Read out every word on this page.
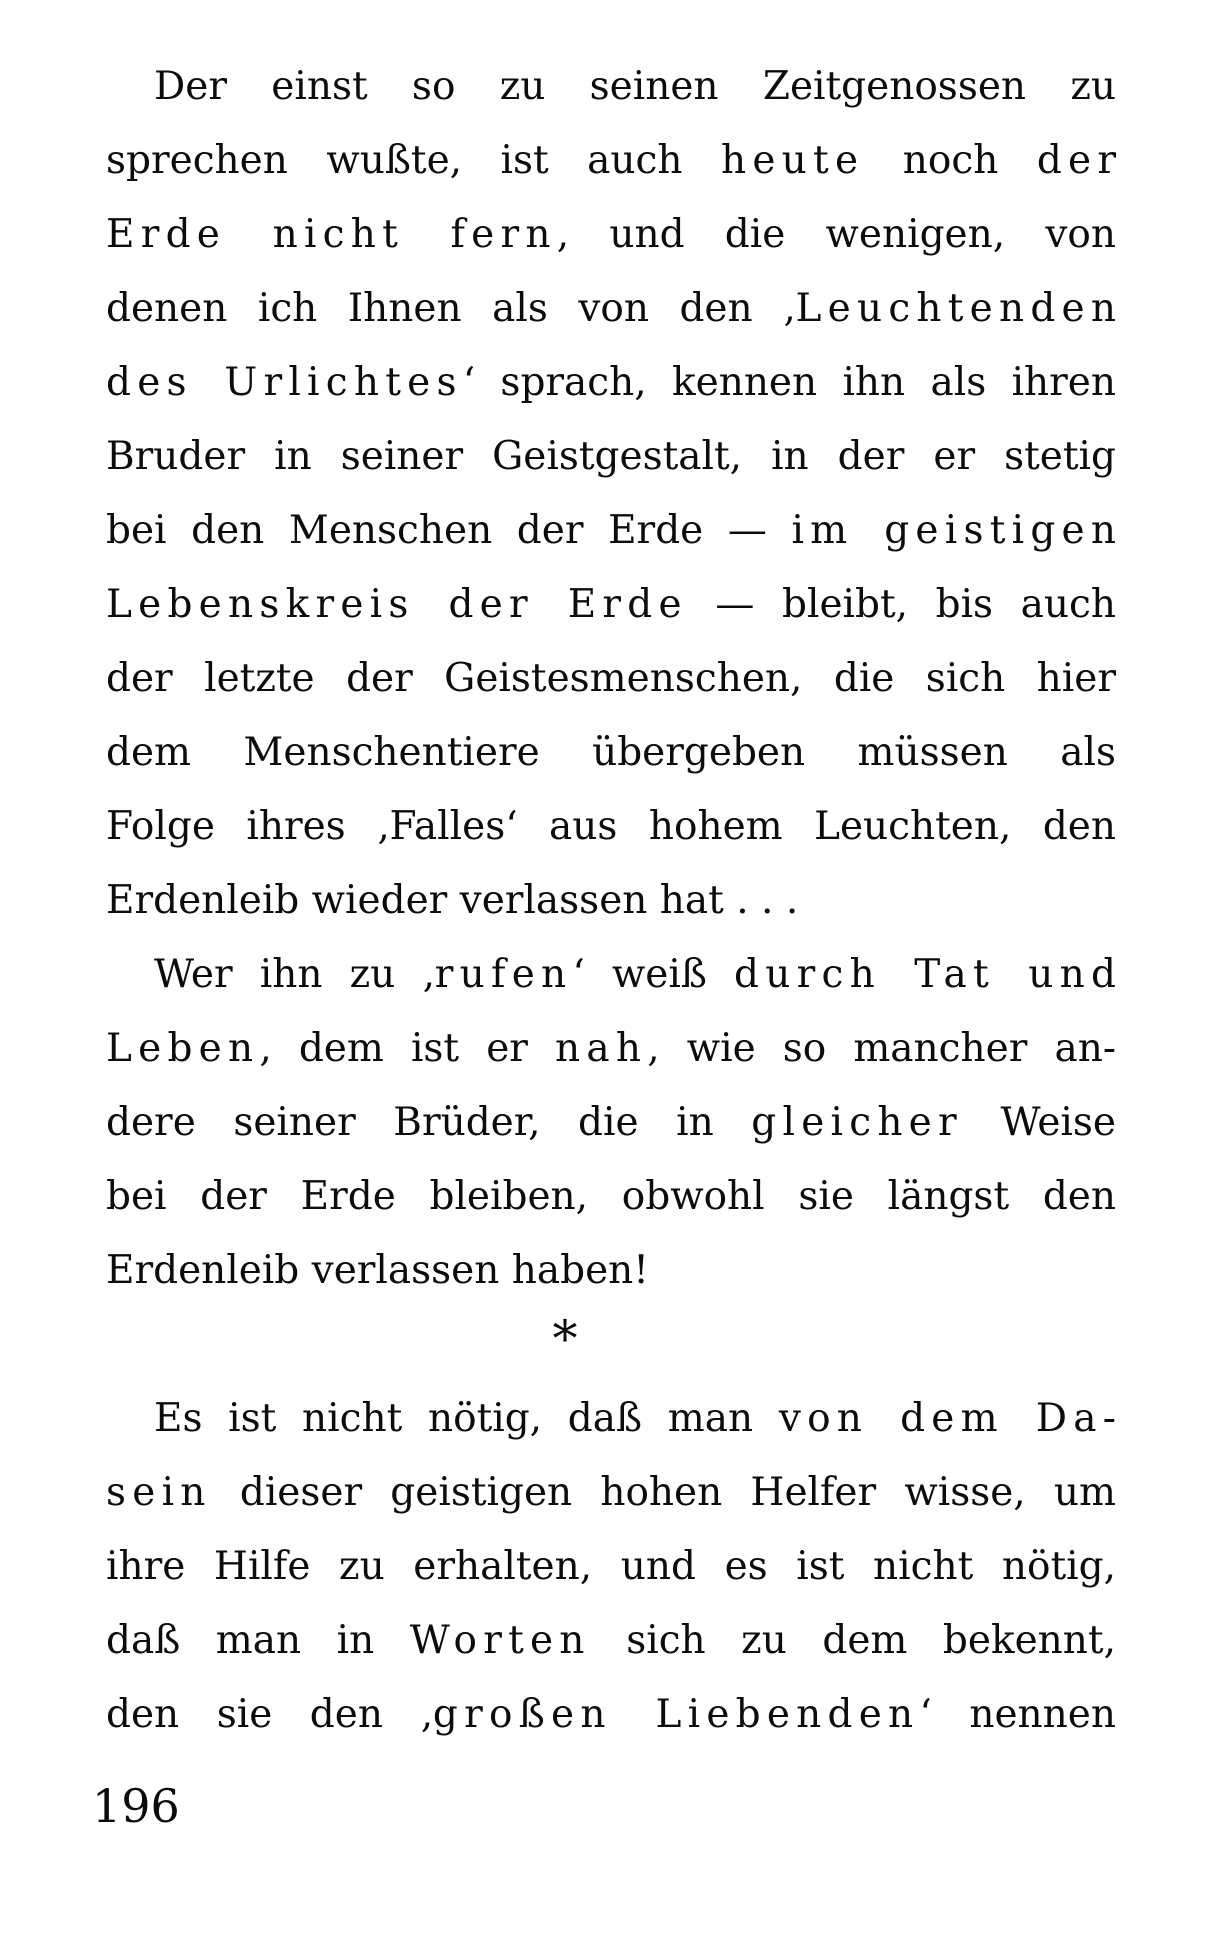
Der einst so zu seinen Zeitgenossen zu
sprechen wußte, ist auch heute noch der
Erde nicht fern, und die wenigen, von
denen ich Ihnen als von den ‚Leuchtenden
des Urlichtes‘ sprach, kennen ihn als ihren
Bruder in seiner Geistgestalt, in der er stetig
bei den Menschen der Erde — im geistigen
Lebenskreis der Erde — bleibt, bis auch
der letzte der Geistesmenschen, die sich hier
dem Menschentiere übergeben müssen als
Folge ihres ‚Falles‘ aus hohem Leuchten, den
Erdenleib wieder verlassen hat . . .
Wer ihn zu ‚rufen‘ weiß durch Tat und
Leben, dem ist er nah, wie so mancher an-
dere seiner Brüder, die in gleicher Weise
bei der Erde bleiben, obwohl sie längst den
Erdenleib verlassen haben!
*
Es ist nicht nötig, daß man von dem Da-
sein dieser geistigen hohen Helfer wisse, um
ihre Hilfe zu erhalten, und es ist nicht nötig,
daß man in Worten sich zu dem bekennt,
den sie den ‚großen Liebenden‘ nennen
196
